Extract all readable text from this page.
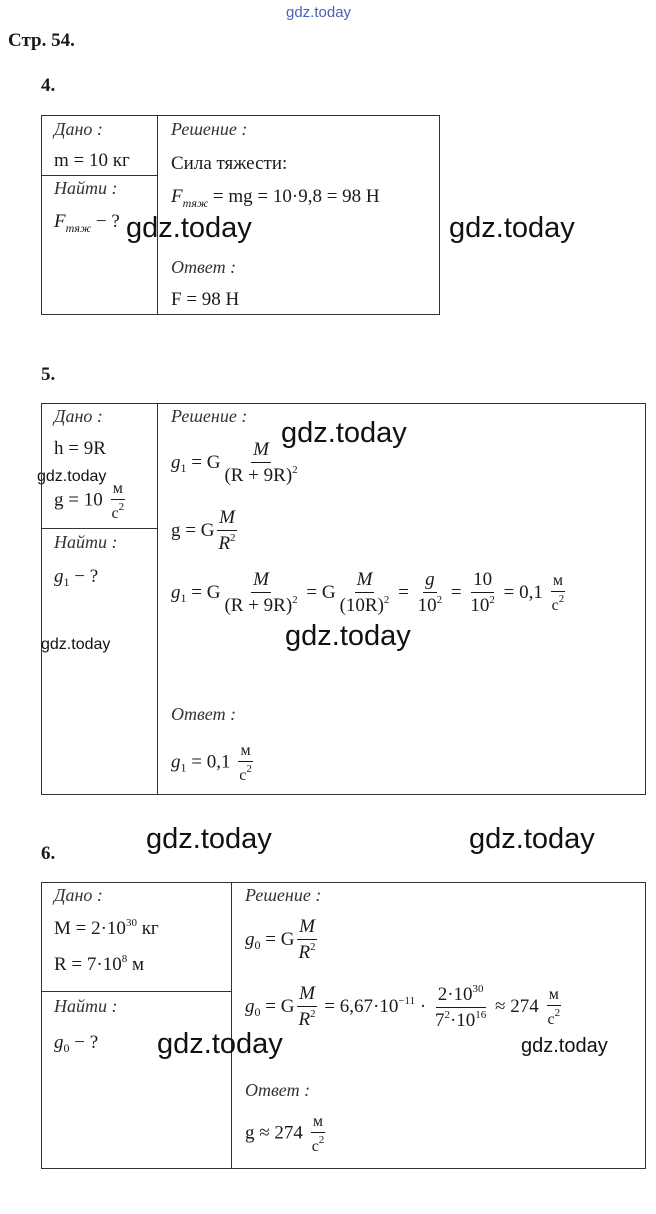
gdz.today
Стр. 54.
4.
Дано :
m = 10 кг
Найти :
$F_{тяж}$ − ?
Решение :
Сила тяжести:
$F_{тяж}$ = mg = 10·9,8 = 98 Н
Ответ :
F = 98 Н
5.
Дано :
h = 9R
$g = 10 \frac{м}{с^2}$
Найти :
$g_1$ − ?
Решение :
$g_1 = G \frac{M}{(R + 9R)^2}$
g = G $\frac{M}{R^2}$
$g_1 = G \frac{M}{(R + 9R)^2} = G \frac{M}{(10R)^2} = \frac{g}{10^2} = \frac{10}{10^2} = 0,1 \frac{м}{с^2}$
Ответ :
$g_1 = 0,1 \frac{м}{с^2}$
6.
Дано :
$M = 2\cdot 10^{30}$ кг
$R = 7\cdot 10^8$ м
Найти :
$g_0$ − ?
Решение :
$g_0 = G \frac{M}{R^2}$
$g_0 = G \frac{M}{R^2} = 6,67\cdot 10^{-11} \cdot \frac{2\cdot 10^{30}}{7^2\cdot 10^{16}} \approx 274 \frac{м}{с^2}$
Ответ :
$g \approx 274 \frac{м}{с^2}$
gdz.today	gdz.today
gdz.today
gdz.today
gdz.today
gdz.today
gdz.today	gdz.today
gdz.today	gdz.today
